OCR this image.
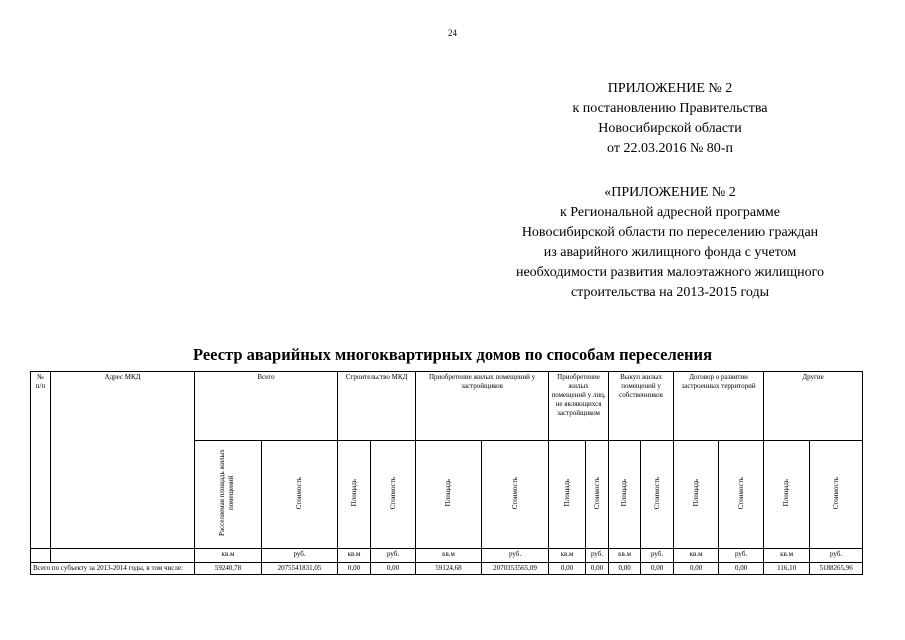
24
ПРИЛОЖЕНИЕ № 2
к постановлению Правительства
Новосибирской области
от 22.03.2016 № 80-п
«ПРИЛОЖЕНИЕ № 2
к Региональной адресной программе
Новосибирской области по переселению граждан
из аварийного жилищного фонда с учетом
необходимости развития малоэтажного жилищного
строительства на 2013-2015 годы
Реестр аварийных многоквартирных домов по способам переселения
№
п/п	Адрес МКД	Всего		Строительство МКД		Приобретение жилых помещений у застройщиков		Приобретение жилых помещений у лиц, не являющихся застройщиком		Выкуп жилых помещений у собственников		Договор о развитии застроенных территорий		Другие	
		Расселяемая площадь жилых помещений	Стоимость	Площадь	Стоимость	Площадь	Стоимость	Площадь	Стоимость	Площадь	Стоимость	Площадь	Стоимость	Площадь	Стоимость
		кв.м	руб.	кв.м	руб.	кв.м	руб.	кв.м	руб.	кв.м	руб.	кв.м	руб.	кв.м	руб.
Всего по субъекту за 2013-2014 годы, в том числе:		59240,78	2075541831,05	0,00	0,00	59124,68	2070353565,09	0,00	0,00	0,00	0,00	0,00	0,00	116,10	5188265,96
